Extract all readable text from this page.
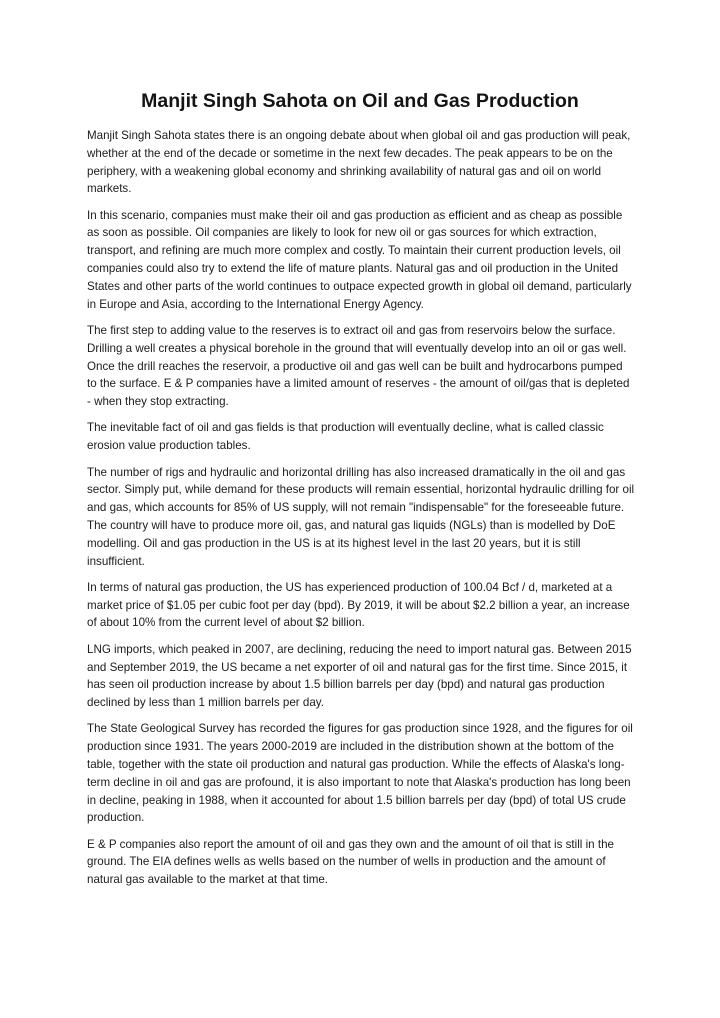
Manjit Singh Sahota on Oil and Gas Production

Manjit Singh Sahota states there is an ongoing debate about when global oil and gas production will peak, whether at the end of the decade or sometime in the next few decades. The peak appears to be on the periphery, with a weakening global economy and shrinking availability of natural gas and oil on world markets.

In this scenario, companies must make their oil and gas production as efficient and as cheap as possible as soon as possible. Oil companies are likely to look for new oil or gas sources for which extraction, transport, and refining are much more complex and costly. To maintain their current production levels, oil companies could also try to extend the life of mature plants. Natural gas and oil production in the United States and other parts of the world continues to outpace expected growth in global oil demand, particularly in Europe and Asia, according to the International Energy Agency.

The first step to adding value to the reserves is to extract oil and gas from reservoirs below the surface. Drilling a well creates a physical borehole in the ground that will eventually develop into an oil or gas well. Once the drill reaches the reservoir, a productive oil and gas well can be built and hydrocarbons pumped to the surface. E & P companies have a limited amount of reserves - the amount of oil/gas that is depleted - when they stop extracting.

The inevitable fact of oil and gas fields is that production will eventually decline, what is called classic erosion value production tables.

The number of rigs and hydraulic and horizontal drilling has also increased dramatically in the oil and gas sector. Simply put, while demand for these products will remain essential, horizontal hydraulic drilling for oil and gas, which accounts for 85% of US supply, will not remain "indispensable" for the foreseeable future. The country will have to produce more oil, gas, and natural gas liquids (NGLs) than is modelled by DoE modelling. Oil and gas production in the US is at its highest level in the last 20 years, but it is still insufficient.

In terms of natural gas production, the US has experienced production of 100.04 Bcf / d, marketed at a market price of $1.05 per cubic foot per day (bpd). By 2019, it will be about $2.2 billion a year, an increase of about 10% from the current level of about $2 billion.

LNG imports, which peaked in 2007, are declining, reducing the need to import natural gas. Between 2015 and September 2019, the US became a net exporter of oil and natural gas for the first time. Since 2015, it has seen oil production increase by about 1.5 billion barrels per day (bpd) and natural gas production declined by less than 1 million barrels per day.

The State Geological Survey has recorded the figures for gas production since 1928, and the figures for oil production since 1931. The years 2000-2019 are included in the distribution shown at the bottom of the table, together with the state oil production and natural gas production. While the effects of Alaska's long-term decline in oil and gas are profound, it is also important to note that Alaska's production has long been in decline, peaking in 1988, when it accounted for about 1.5 billion barrels per day (bpd) of total US crude production.

E & P companies also report the amount of oil and gas they own and the amount of oil that is still in the ground. The EIA defines wells as wells based on the number of wells in production and the amount of natural gas available to the market at that time.
